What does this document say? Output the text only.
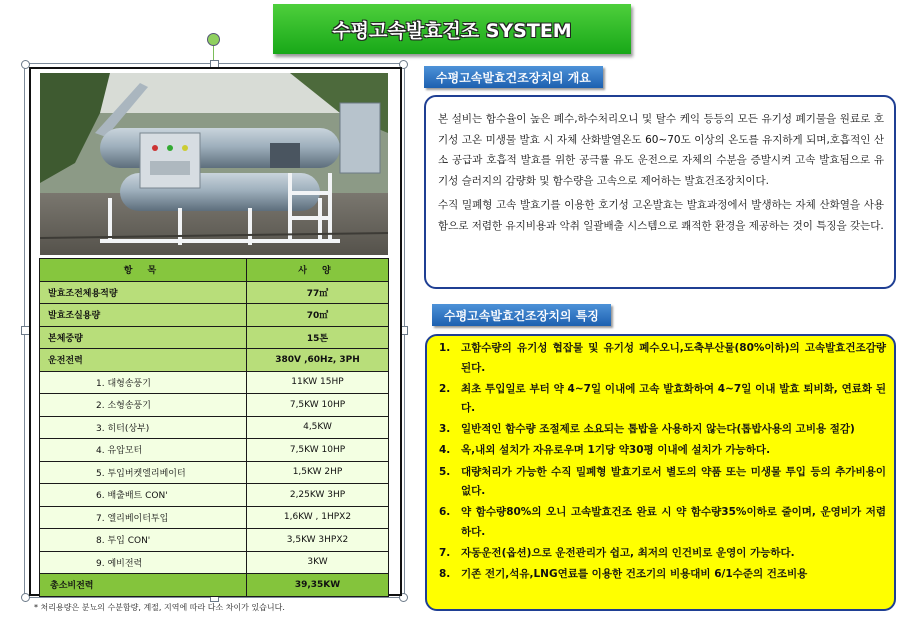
수평고속발효건조 SYSTEM
항 목	사 양
발효조전체용적량	77㎥
발효조실용량	70㎥
본체중량	15톤
운전전력	380V ,60Hz, 3PH
1. 대형송풍기	11KW 15HP
2. 소형송풍기	7,5KW 10HP
3. 히터(상부)	4,5KW
4. 유압모터	7,5KW 10HP
5. 투입버켓엘리베이터	1,5KW 2HP
6. 배출배트 CON'	2,25KW 3HP
7. 엘리베이터투입	1,6KW , 1HPX2
8. 투입 CON'	3,5KW 3HPX2
9. 예비전력	3KW
총소비전력	39,35KW
* 처리용량은 분뇨의 수분함량, 계절, 지역에 따라 다소 차이가 있습니다.
수평고속발효건조장치의 개요

본 설비는 함수율이 높은 폐수,하수처리오니 및 탈수 케익 등등의 모든 유기성 폐기물을 원료로 호기성 고온 미생물 발효 시 자체 산화발열온도 60~70도 이상의 온도를 유지하게 되며,호흡적인 산소 공급과 호흡적 발효를 위한 공극률 유도 운전으로 자체의 수분을 증발시켜 고속 발효됨으로 유기성 슬러지의 감량화 및 함수량을 고속으로 제어하는 발효건조장치이다.

수직 밀폐형 고속 발효기를 이용한 호기성 고온발효는 발효과정에서 발생하는 자체 산화열을 사용함으로 저렴한 유지비용과 악취 일괄배출 시스템으로 쾌적한 환경을 제공하는 것이 특징을 갖는다.

수평고속발효건조장치의 특징
1.	고함수량의 유기성 협잡물 및 유기성 폐수오니,도축부산물(80%이하)의 고속발효건조감량된다.
2.	최초 투입일로 부터 약 4~7일 이내에 고속 발효화하여 4~7일 이내 발효 퇴비화, 연료화 된다.
3.	일반적인 함수량 조절제로 소요되는 톱밥을 사용하지 않는다(톱밥사용의 고비용 절감)
4.	옥,내외 설치가 자유로우며 1기당 약30평 이내에 설치가 가능하다.
5.	대량처리가 가능한 수직 밀폐형 발효기로서 별도의 약품 또는 미생물 투입 등의 추가비용이 없다.
6.	약 함수량80%의 오니 고속발효건조 완료 시 약 함수량35%이하로 줄이며, 운영비가 저렴하다.
7.	자동운전(옵션)으로 운전관리가 쉽고, 최저의 인건비로 운영이 가능하다.
8.	기존 전기,석유,LNG연료를 이용한 건조기의 비용대비 6/1수준의 건조비용
